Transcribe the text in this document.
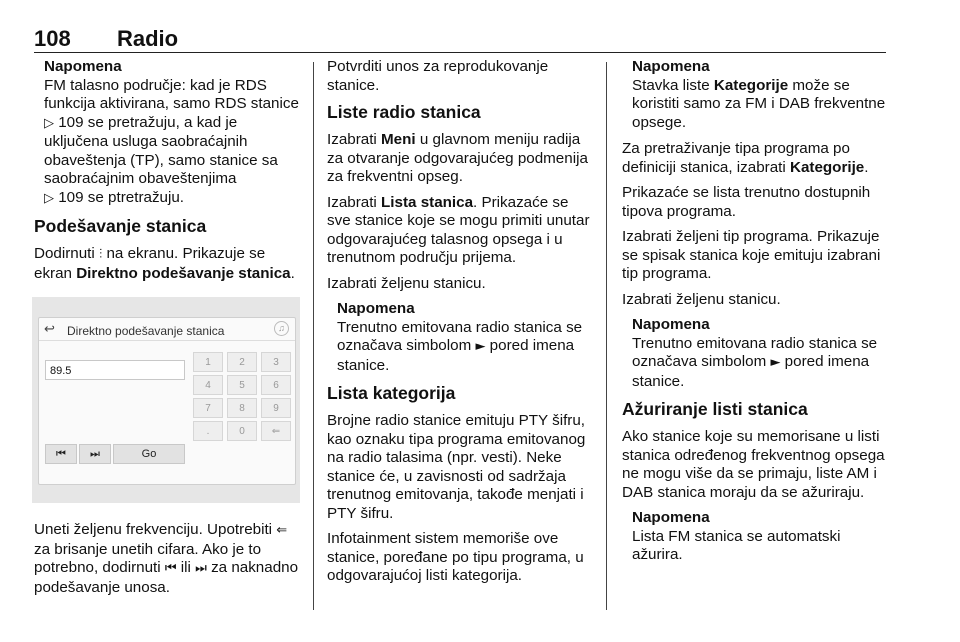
108 Radio
Napomena
FM talasno područje: kad je RDS funkcija aktivirana, samo RDS stanice ▷ 109 se pretražuju, a kad je uključena usluga saobraćajnih obaveštenja (TP), samo stanice sa saobraćajnim obaveštenjima
▷ 109 se ptretražuju.
Podešavanje stanica

Dodirnuti ⫶ na ekranu. Prikazuje se ekran Direktno podešavanje stanica.

↩ Direktno podešavanje stanica	♫
89.5
1	2	3
4	5	6
7	8	9
.	0	⇐
⏮	⏭	Go

Uneti željenu frekvenciju. Upotrebiti ⇐ za brisanje unetih cifara. Ako je to potrebno, dodirnuti ⏮ ili ⏭ za naknadno podešavanje unosa.

Potvrditi unos za reprodukovanje stanice.

Liste radio stanica

Izabrati Meni u glavnom meniju radija za otvaranje odgovarajućeg podmenija za frekventni opseg.

Izabrati Lista stanica. Prikazaće se sve stanice koje se mogu primiti unutar odgovarajućeg talasnog opsega i u trenutnom području prijema.

Izabrati željenu stanicu.

Napomena
Trenutno emitovana radio stanica se označava simbolom ► pored imena stanice.
Lista kategorija

Brojne radio stanice emituju PTY šifru, kao oznaku tipa programa emitovanog na radio talasima (npr. vesti). Neke stanice će, u zavisnosti od sadržaja trenutnog emitovanja, takođe menjati i PTY šifru.

Infotainment sistem memoriše ove stanice, poređane po tipu programa, u odgovarajućoj listi kategorija.

Napomena
Stavka liste Kategorije može se koristiti samo za FM i DAB frekventne opsege.

Za pretraživanje tipa programa po definiciji stanica, izabrati Kategorije.

Prikazaće se lista trenutno dostupnih tipova programa.

Izabrati željeni tip programa. Prikazuje se spisak stanica koje emituju izabrani tip programa.

Izabrati željenu stanicu.

Napomena
Trenutno emitovana radio stanica se označava simbolom ► pored imena stanice.
Ažuriranje listi stanica

Ako stanice koje su memorisane u listi stanica određenog frekventnog opsega ne mogu više da se primaju, liste AM i DAB stanica moraju da se ažuriraju.

Napomena
Lista FM stanica se automatski ažurira.
